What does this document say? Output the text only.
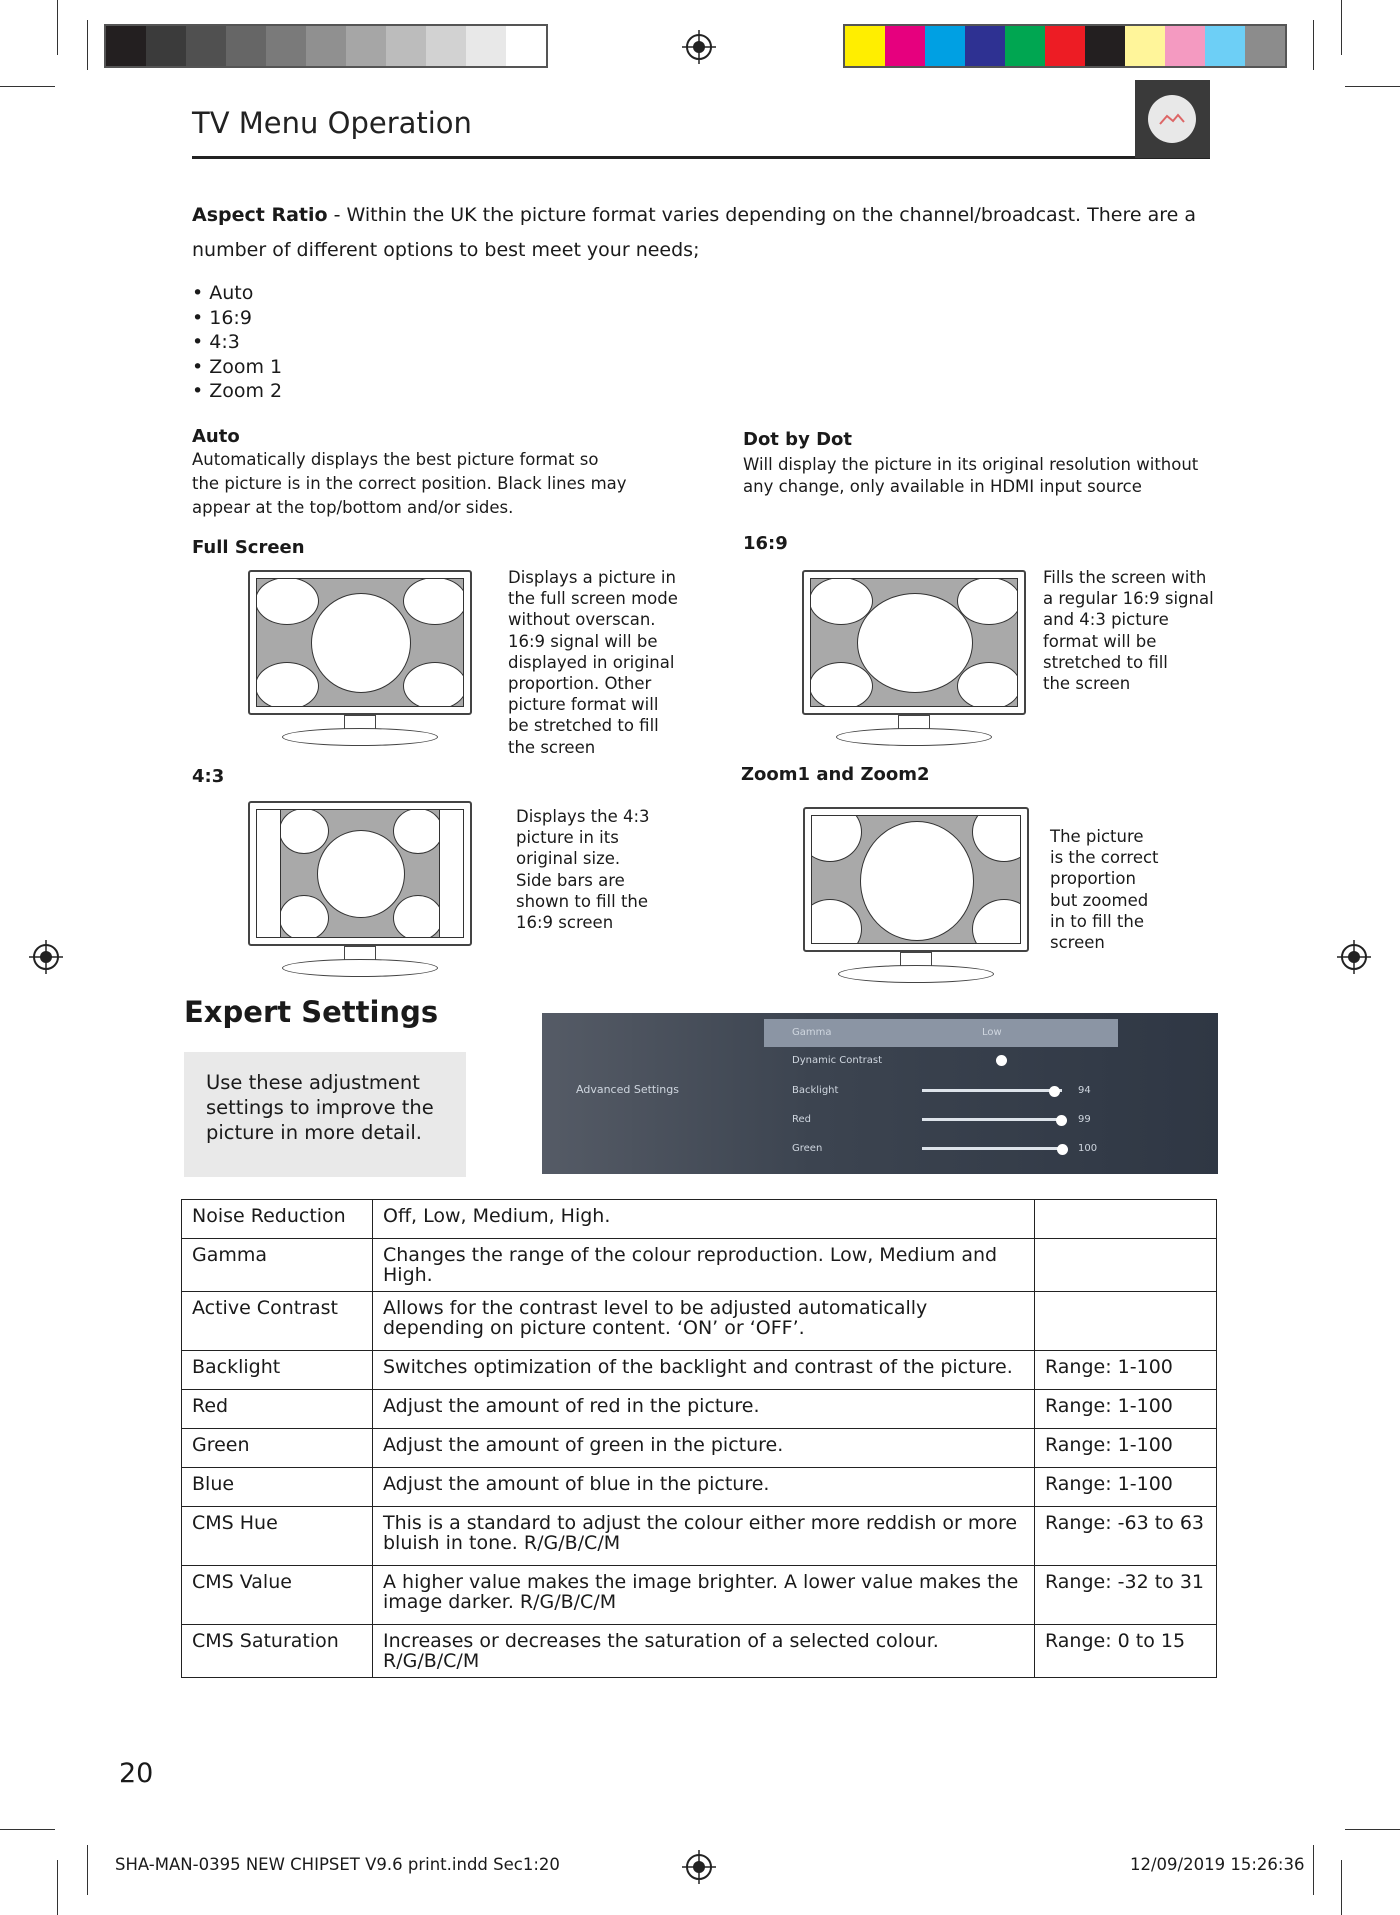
TV Menu Operation
Aspect Ratio - Within the UK the picture format varies depending on the channel/broadcast. There are a number of different options to best meet your needs;
• Auto
• 16:9
• 4:3
• Zoom 1
• Zoom 2
Auto
Automatically displays the best picture format so
the picture is in the correct position. Black lines may
appear at the top/bottom and/or sides.
Dot by Dot
Will display the picture in its original resolution without
any change, only available in HDMI input source
Full Screen
Displays a picture in
the full screen mode
without overscan.
16:9 signal will be
displayed in original
proportion. Other
picture format will
be stretched to fill
the screen
16:9
Fills the screen with
a regular 16:9 signal
and 4:3 picture
format will be
stretched to fill
the screen
4:3
Displays the 4:3
picture in its
original size.
Side bars are
shown to fill the
16:9 screen
Zoom1 and Zoom2
The picture
is the correct
proportion
but zoomed
in to fill the
screen
Expert Settings
Use these adjustment
settings to improve the
picture in more detail.
Advanced Settings
Gamma	Low
Dynamic Contrast
Backlight	94
Red	99
Green	100
Noise Reduction	Off, Low, Medium, High.	
Gamma	Changes the range of the colour reproduction. Low, Medium and High.	
Active Contrast	Allows for the contrast level to be adjusted automatically depending on picture content. ‘ON’ or ‘OFF’.	
Backlight	Switches optimization of the backlight and contrast of the picture.	Range: 1-100
Red	Adjust the amount of red in the picture.	Range: 1-100
Green	Adjust the amount of green in the picture.	Range: 1-100
Blue	Adjust the amount of blue in the picture.	Range: 1-100
CMS Hue	This is a standard to adjust the colour either more reddish or more bluish in tone. R/G/B/C/M	Range: -63 to 63
CMS Value	A higher value makes the image brighter. A lower value makes the image darker. R/G/B/C/M	Range: -32 to 31
CMS Saturation	Increases or decreases the saturation of a selected colour. R/G/B/C/M	Range: 0 to 15
20
SHA-MAN-0395 NEW CHIPSET V9.6 print.indd Sec1:20	12/09/2019 15:26:36
